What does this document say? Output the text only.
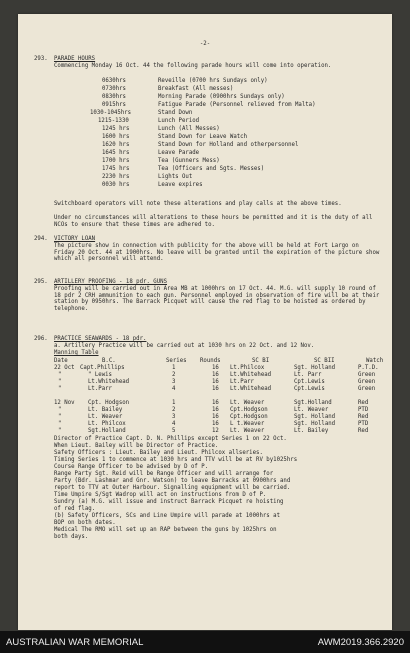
-2-
293. PARADE HOURS
Commencing Monday 16 Oct. 44 the following parade hours will come into operation.
0630hrs	Reveille (0700 hrs Sundays only)
0730hrs	Breakfast (All messes)
0830hrs	Morning Parade (0900hrs Sundays only)
0915hrs	Fatigue Parade (Personnel relieved from Malta)
1030-1045hrs	Stand Down
1215-1330	Lunch Period
1245 hrs	Lunch (All Messes)
1600 hrs	Stand Down for Leave Watch
1620 hrs	Stand Down for Holland and otherpersonnel
1645 hrs	Leave Parade
1700 hrs	Tea (Gunners Mess)
1745 hrs	Tea (Officers and Sgts. Messes)
2230 hrs	Lights Out
0030 hrs	Leave expires
Switchboard operators will note these alterations and play calls at the above times.
Under no circumstances will alterations to these hours be permitted and it is the duty of all NCOs to ensure that these times are adhered to.
294. VICTORY LOAN
The picture show in connection with publicity for the above will be held at Fort Largo on Friday 20 Oct. 44 at 1900hrs. No leave will be granted until the expiration of the picture show which all personnel will attend.
295. ARTILLERY PROOFING - 18 pdr. GUNS
Proofing will be carried out in Area MB at 1000hrs on 17 Oct. 44. M.G. will supply 10 round of 18 pdr 2 CRH ammunition to each gun. Personnel employed in observation of fire will be at their station by 0950hrs. The Barrack Picquet will cause the red flag to be hoisted as ordered by telephone.
296. PRACTICE SEAWARDS - 18 pdr.
a. Artillery Practice will be carried out at 1030 hrs on 22 Oct. and 12 Nov.
Manning Table
Date	B.C.	Series Rounds	SC BI	SC BII	Watch
22 Oct Capt.Phillips	1	16 Lt.Philcox	Sgt. Holland	P.T.D.
"	" Lewis	2	16 Lt.Whitehead	Lt. Parr	Green
"	Lt.Whitehead	3	16 Lt.Parr	Cpt.Lewis	Green
"	Lt.Parr	4	16 Lt.Whitehead	Cpt.Lewis	Green
12 Nov Cpt. Hodgson	1	16 Lt. Weaver	Sgt.Holland	Red
"	Lt. Bailey	2	16 Cpt.Hodgson	Lt. Weaver	PTD
"	Lt. Weaver	3	16 Cpt.Hodgson	Sgt. Holland	Red
"	Lt. Philcox	4	16 L t.Weaver	Sgt. Holland	PTD
"	Sgt.Holland	5	12 Lt. Weaver	Lt. Bailey	Red
Director of Practice Capt. D. N. Phillips except Series 1 on 22 Oct.
When Lieut. Bailey will be Director of Practice.
Safety Officers : Lieut. Bailey and Lieut. Philcox allseries.
Timing Series 1 to commence at 1030 hrs and TTV will be at RV by1025hrs
Course Range Officer to be advised by D of P.
Range Party Sgt. Reid will be Range Officer and will arrange for
Party (Bdr. Lashmar and Gnr. Watson) to leave Barracks at 0900hrs and
report to TTV at Outer Harbour. Signalling equipment will be carried.
Time Umpire S/Sgt Wadrop will act on instructions from D of P.
Sundry (a) M.G. will issue and instruct Barrack Picquet re hoisting
of red flag.
(b) Safety Officers, SCs and Line Umpire will parade at 1000hrs at
BOP on both dates.
Medical The RMO will set up an RAP between the guns by 1025hrs on
both days.
AUSTRALIAN WAR MEMORIAL	AWM2019.366.2920
